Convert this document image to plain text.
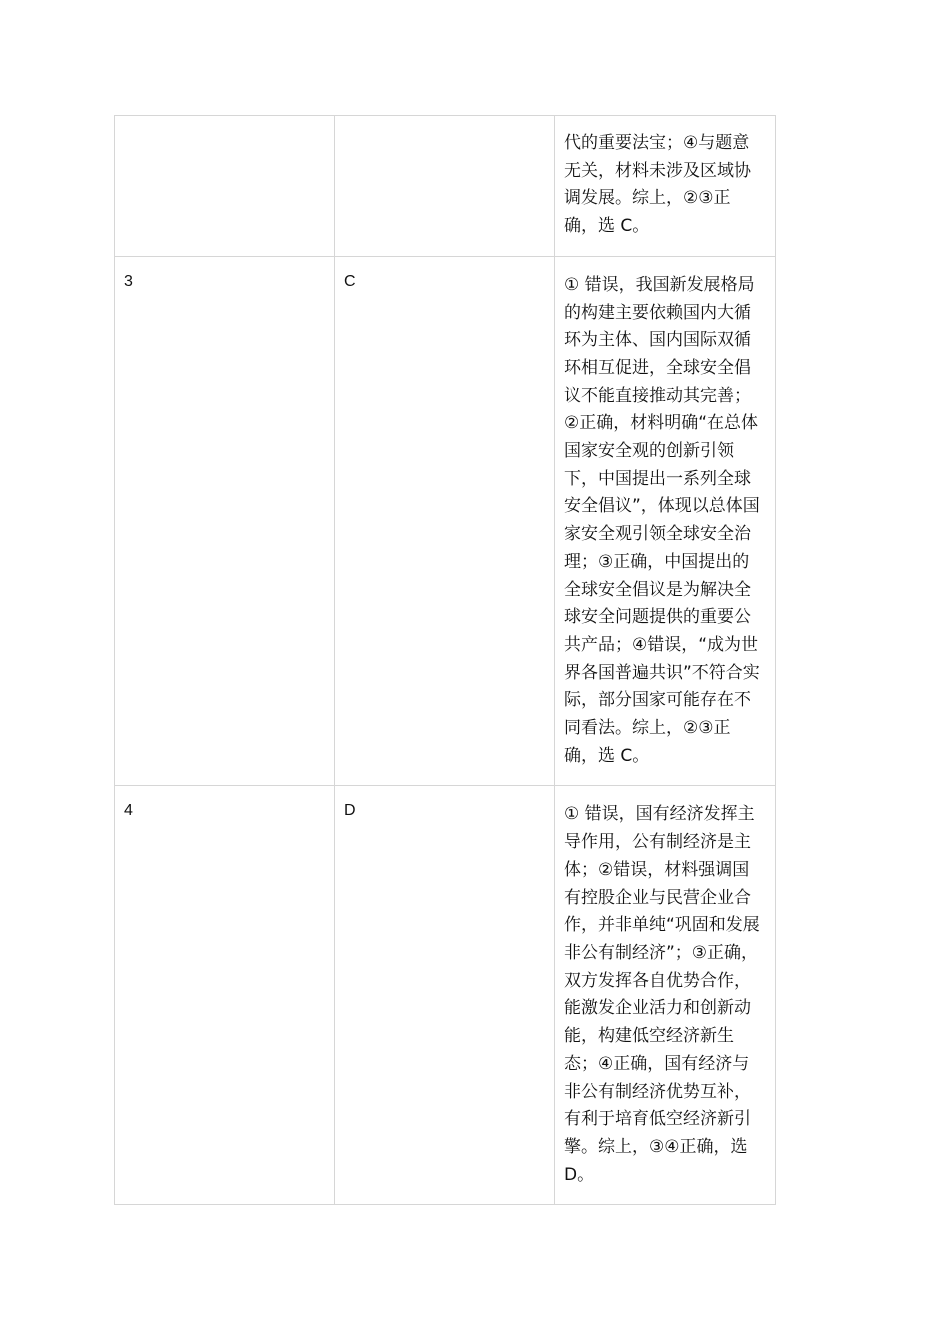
		代的重要法宝；④与题意无关，材料未涉及区域协调发展。综上，②③正确，选 C。

3	C	① 错误，我国新发展格局的构建主要依赖国内大循环为主体、国内国际双循环相互促进，全球安全倡议不能直接推动其完善；②正确，材料明确“在总体国家安全观的创新引领下，中国提出一系列全球安全倡议”，体现以总体国家安全观引领全球安全治理；③正确，中国提出的全球安全倡议是为解决全球安全问题提供的重要公共产品；④错误，“成为世界各国普遍共识”不符合实际，部分国家可能存在不同看法。综上，②③正确，选 C。

4	D	① 错误，国有经济发挥主导作用，公有制经济是主体；②错误，材料强调国有控股企业与民营企业合作，并非单纯“巩固和发展非公有制经济”；③正确，双方发挥各自优势合作，能激发企业活力和创新动能，构建低空经济新生态；④正确，国有经济与非公有制经济优势互补，有利于培育低空经济新引擎。综上，③④正确，选 D。
